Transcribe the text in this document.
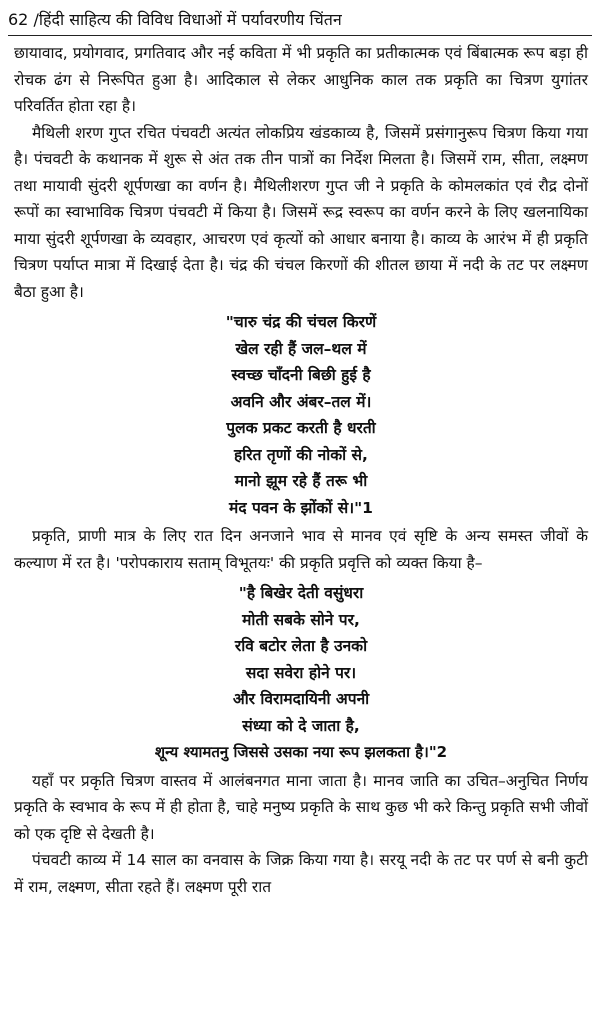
62 /हिंदी साहित्य की विविध विधाओं में पर्यावरणीय चिंतन

छायावाद, प्रयोगवाद, प्रगतिवाद और नई कविता में भी प्रकृति का प्रतीकात्मक एवं बिंबात्मक रूप बड़ा ही रोचक ढंग से निरूपित हुआ है। आदिकाल से लेकर आधुनिक काल तक प्रकृति का चित्रण युगांतर परिवर्तित होता रहा है।

मैथिली शरण गुप्त रचित पंचवटी अत्यंत लोकप्रिय खंडकाव्य है, जिसमें प्रसंगानुरूप चित्रण किया गया है। पंचवटी के कथानक में शुरू से अंत तक तीन पात्रों का निर्देश मिलता है। जिसमें राम, सीता, लक्ष्मण तथा मायावी सुंदरी शूर्पणखा का वर्णन है। मैथिलीशरण गुप्त जी ने प्रकृति के कोमलकांत एवं रौद्र दोनों रूपों का स्वाभाविक चित्रण पंचवटी में किया है। जिसमें रूद्र स्वरूप का वर्णन करने के लिए खलनायिका माया सुंदरी शूर्पणखा के व्यवहार, आचरण एवं कृत्यों को आधार बनाया है। काव्य के आरंभ में ही प्रकृति चित्रण पर्याप्त मात्रा में दिखाई देता है। चंद्र की चंचल किरणों की शीतल छाया में नदी के तट पर लक्ष्मण बैठा हुआ है।

"चारु चंद्र की चंचल किरणें
खेल रही हैं जल–थल में
स्वच्छ चाँदनी बिछी हुई है
अवनि और अंबर–तल में।
पुलक प्रकट करती है धरती
हरित तृणों की नोकों से,
मानो झूम रहे हैं तरू भी
मंद पवन के झोंकों से।"1

प्रकृति, प्राणी मात्र के लिए रात दिन अनजाने भाव से मानव एवं सृष्टि के अन्य समस्त जीवों के कल्याण में रत है। 'परोपकाराय सताम् विभूतयः' की प्रकृति प्रवृत्ति को व्यक्त किया है–

"है बिखेर देती वसुंधरा
मोती सबके सोने पर,
रवि बटोर लेता है उनको
सदा सवेरा होने पर।
और विरामदायिनी अपनी
संध्या को दे जाता है,
शून्य श्यामतनु जिससे उसका नया रूप झलकता है।"2

यहाँ पर प्रकृति चित्रण वास्तव में आलंबनगत माना जाता है। मानव जाति का उचित–अनुचित निर्णय प्रकृति के स्वभाव के रूप में ही होता है, चाहे मनुष्य प्रकृति के साथ कुछ भी करे किन्तु प्रकृति सभी जीवों को एक दृष्टि से देखती है।

पंचवटी काव्य में 14 साल का वनवास के जिक्र किया गया है। सरयू नदी के तट पर पर्ण से बनी कुटी में राम, लक्ष्मण, सीता रहते हैं। लक्ष्मण पूरी रात
